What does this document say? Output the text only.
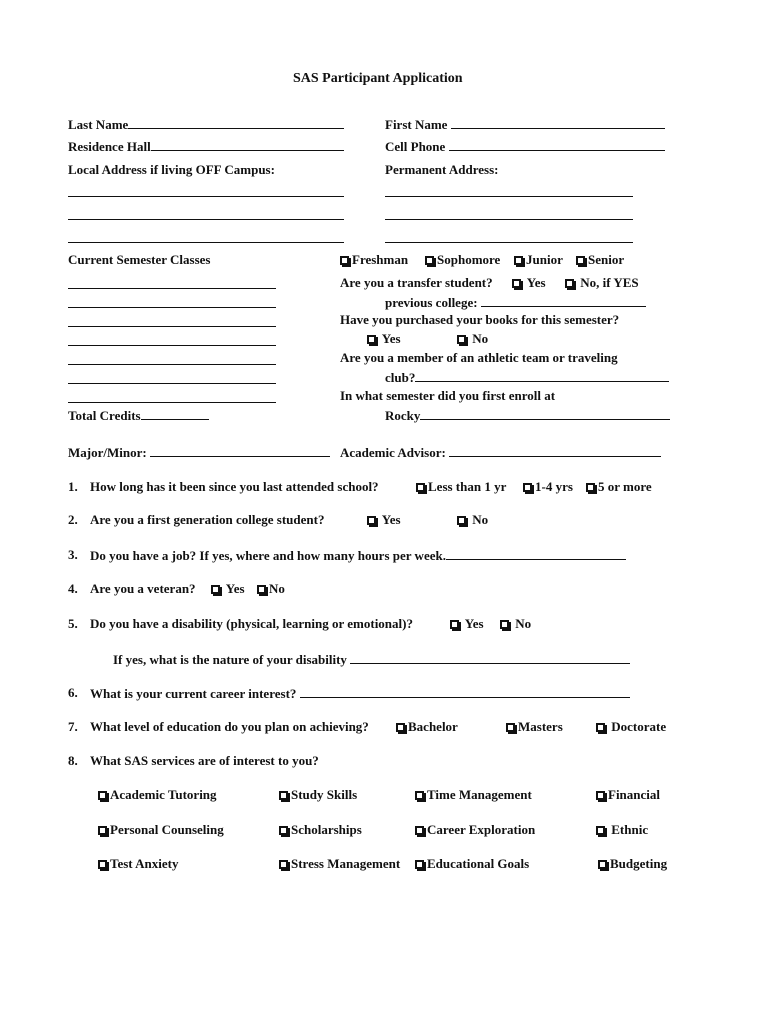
SAS Participant Application
Last Name	First Name
Residence Hall	Cell Phone
Local Address if living OFF Campus:	Permanent Address:
Current Semester Classes
Total Credits
Freshman	Sophomore	Junior	Senior
Are you a transfer student?	Yes	No, if YES
previous college:
Have you purchased your books for this semester?
Yes	No
Are you a member of an athletic team or traveling
club?
In what semester did you first enroll at
Rocky
Major/Minor:	Academic Advisor:
1. How long has it been since you last attended school?	Less than 1 yr	1-4 yrs	5 or more
2. Are you a first generation college student?	Yes	No
3. Do you have a job? If yes, where and how many hours per week.
4. Are you a veteran?	Yes	No
5. Do you have a disability (physical, learning or emotional)?	Yes	No
If yes, what is the nature of your disability
6. What is your current career interest?
7. What level of education do you plan on achieving?	Bachelor	Masters	Doctorate
8. What SAS services are of interest to you?
Academic Tutoring	Study Skills	Time Management	Financial
Personal Counseling	Scholarships	Career Exploration	Ethnic
Test Anxiety	Stress Management	Educational Goals	Budgeting
